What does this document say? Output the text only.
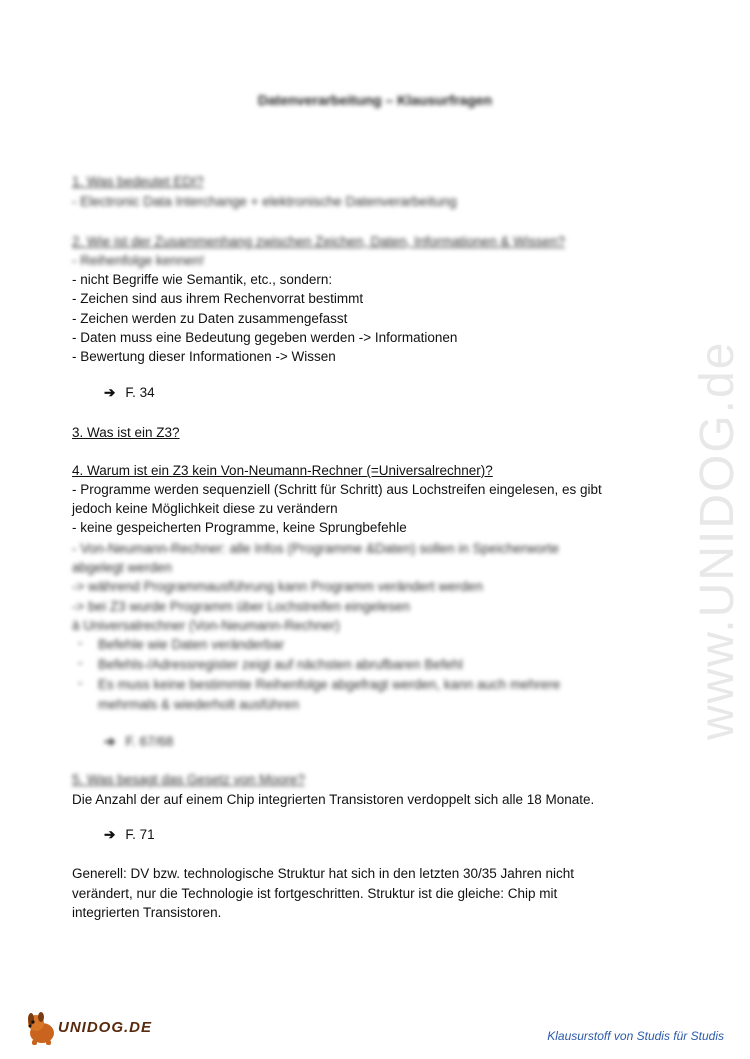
www.UNIDOG.de
Datenverarbeitung – Klausurfragen
1. Was bedeutet EDI?
- Electronic Data Interchange + elektronische Datenverarbeitung
2. Wie ist der Zusammenhang zwischen Zeichen, Daten, Informationen & Wissen?
- Reihenfolge kennen!
- nicht Begriffe wie Semantik, etc., sondern:
- Zeichen sind aus ihrem Rechenvorrat bestimmt
- Zeichen werden zu Daten zusammengefasst
- Daten muss eine Bedeutung gegeben werden -> Informationen
- Bewertung dieser Informationen -> Wissen
➔ F. 34
3. Was ist ein Z3?
4. Warum ist ein Z3 kein Von-Neumann-Rechner (=Universalrechner)?
- Programme werden sequenziell (Schritt für Schritt) aus Lochstreifen eingelesen, es gibt
jedoch keine Möglichkeit diese zu verändern
- keine gespeicherten Programme, keine Sprungbefehle
- Von-Neumann-Rechner: alle Infos (Programme &Daten) sollen in Speicherworte
abgelegt werden
-> während Programmausführung kann Programm verändert werden
-> bei Z3 wurde Programm über Lochstreifen eingelesen
à Universalrechner (Von-Neumann-Rechner)
- Befehle wie Daten veränderbar
- Befehls-/Adressregister zeigt auf nächsten abrufbaren Befehl
- Es muss keine bestimmte Reihenfolge abgefragt werden, kann auch mehrere
mehrmals & wiederholt ausführen
➔ F. 67/68
5. Was besagt das Gesetz von Moore?
Die Anzahl der auf einem Chip integrierten Transistoren verdoppelt sich alle 18 Monate.
➔ F. 71
Generell: DV bzw. technologische Struktur hat sich in den letzten 30/35 Jahren nicht
verändert, nur die Technologie ist fortgeschritten. Struktur ist die gleiche: Chip mit
integrierten Transistoren.
UNIDOG.DE	Klausurstoff von Studis für Studis
